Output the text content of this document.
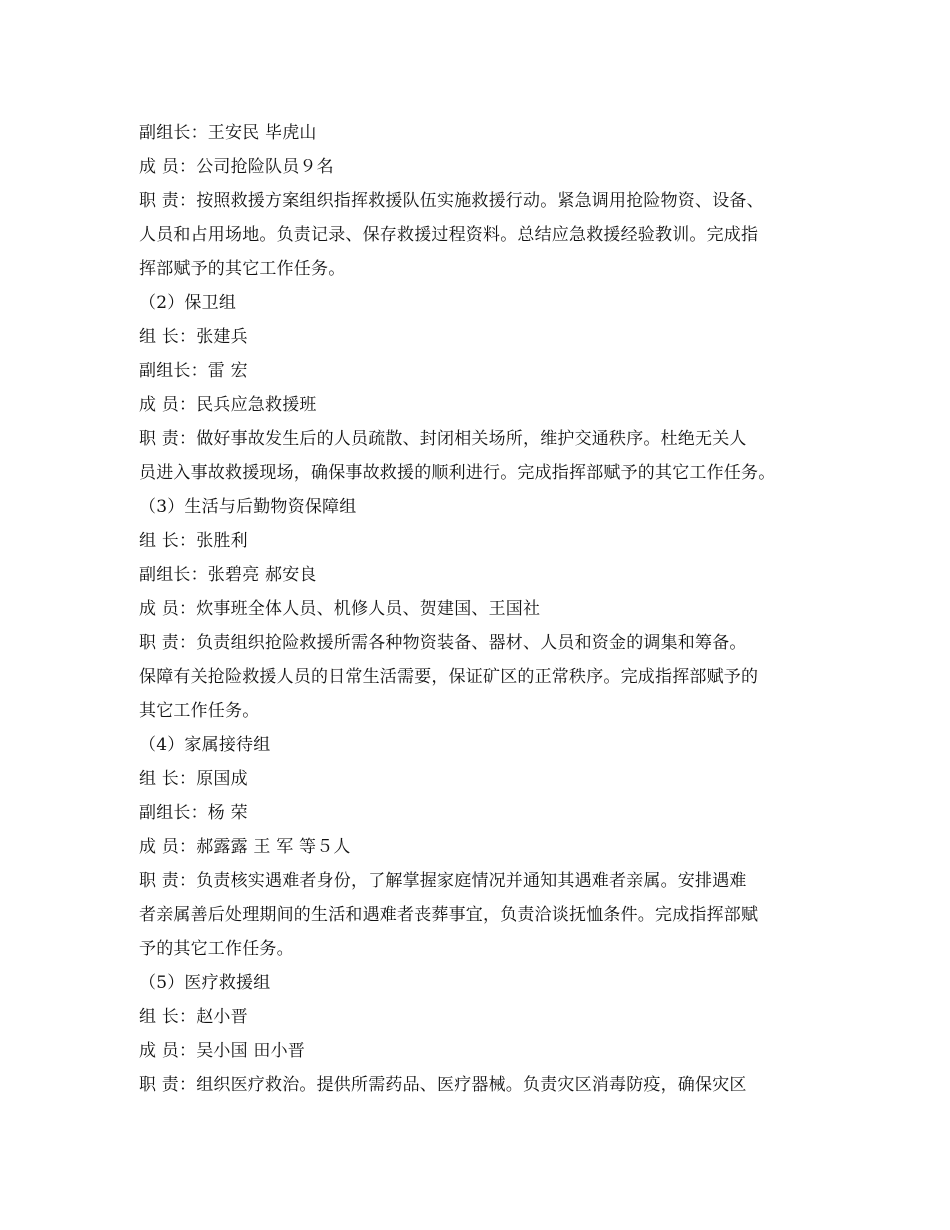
副组长：王安民 毕虎山
成 员：公司抢险队员９名
职 责：按照救援方案组织指挥救援队伍实施救援行动。紧急调用抢险物资、设备、
人员和占用场地。负责记录、保存救援过程资料。总结应急救援经验教训。完成指
挥部赋予的其它工作任务。
（2）保卫组
组 长：张建兵
副组长：雷 宏
成 员：民兵应急救援班
职 责：做好事故发生后的人员疏散、封闭相关场所，维护交通秩序。杜绝无关人
员进入事故救援现场，确保事故救援的顺利进行。完成指挥部赋予的其它工作任务。
（3）生活与后勤物资保障组
组 长：张胜利
副组长：张碧亮 郝安良
成 员：炊事班全体人员、机修人员、贺建国、王国社
职 责：负责组织抢险救援所需各种物资装备、器材、人员和资金的调集和筹备。
保障有关抢险救援人员的日常生活需要，保证矿区的正常秩序。完成指挥部赋予的
其它工作任务。
（4）家属接待组
组 长：原国成
副组长：杨 荣
成 员：郝露露 王 军 等５人
职 责：负责核实遇难者身份，了解掌握家庭情况并通知其遇难者亲属。安排遇难
者亲属善后处理期间的生活和遇难者丧葬事宜，负责洽谈抚恤条件。完成指挥部赋
予的其它工作任务。
（5）医疗救援组
组 长：赵小晋
成 员：吴小国 田小晋
职 责：组织医疗救治。提供所需药品、医疗器械。负责灾区消毒防疫，确保灾区
